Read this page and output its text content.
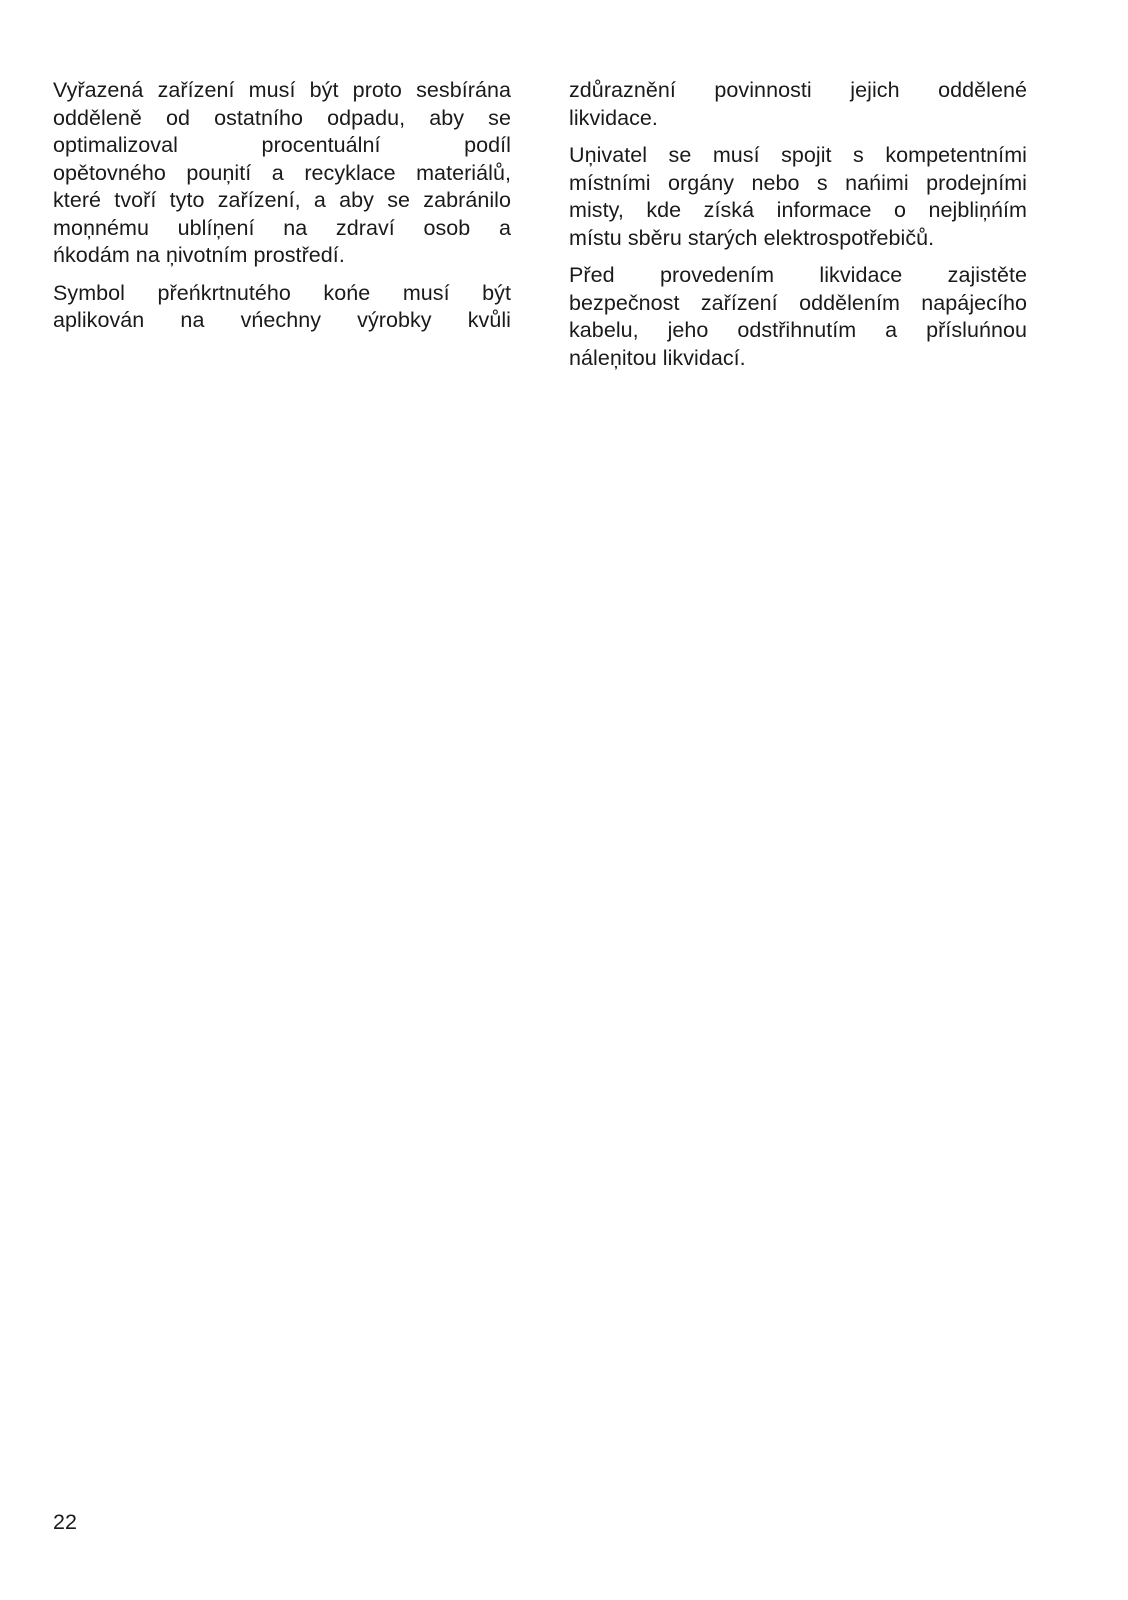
Vyřazená zařízení musí být proto sesbírána
odděleně od ostatního odpadu, aby se
optimalizoval procentuální podíl
opětovného pouņití a recyklace materiálů,
které tvoří tyto zařízení, a aby se zabránilo
moņnému ublíņení na zdraví osob a
ńkodám na ņivotním prostředí.

Symbol přeńkrtnutého końe musí být
aplikován na vńechny výrobky kvůli

zdůraznění povinnosti jejich oddělené
likvidace.

Uņivatel se musí spojit s kompetentními
místními orgány nebo s nańimi prodejními
misty, kde získá informace o nejbliņńím
místu sběru starých elektrospotřebičů.

Před provedením likvidace zajistěte
bezpečnost zařízení oddělením napájecího
kabelu, jeho odstřihnutím a přísluńnou
náleņitou likvidací.

22
